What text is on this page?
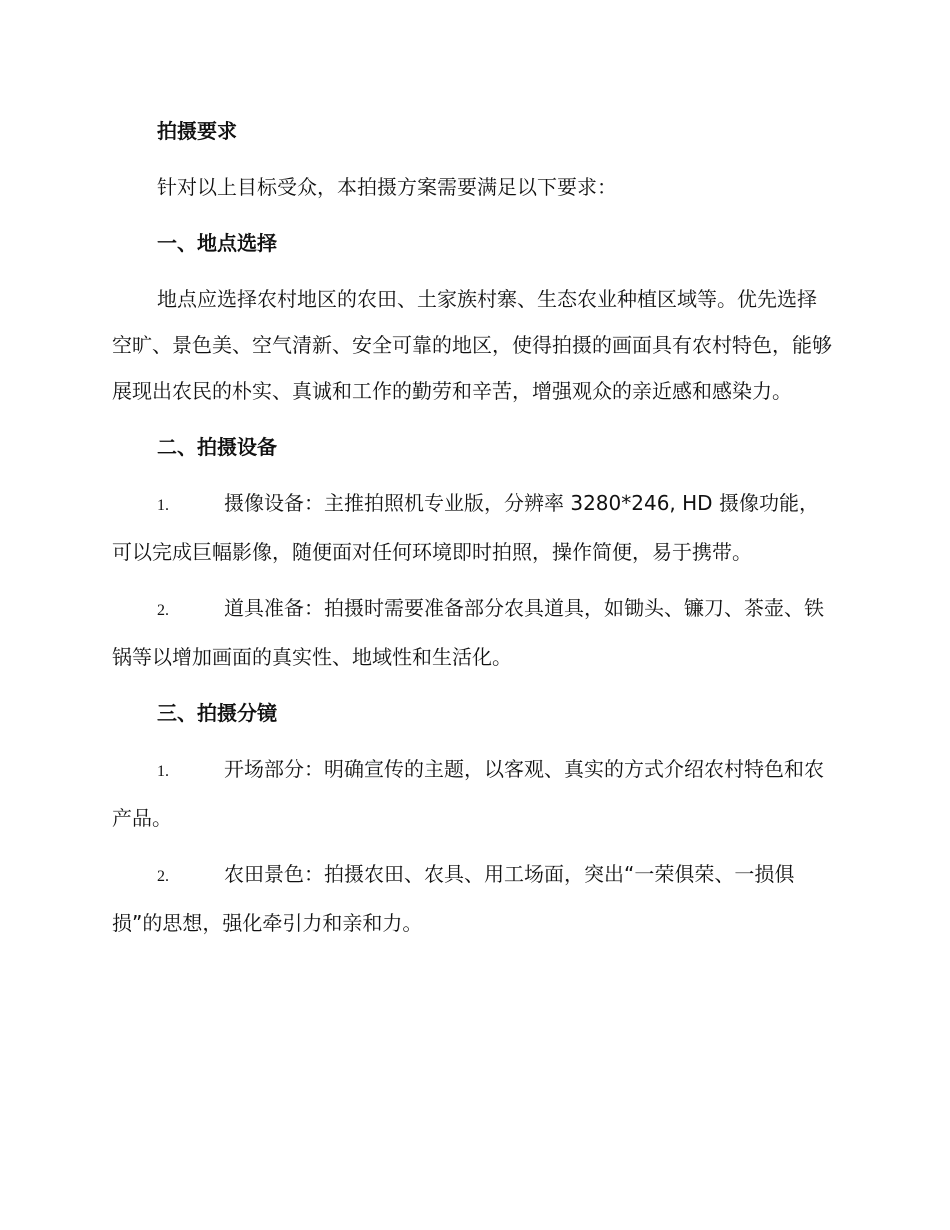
拍摄要求
针对以上目标受众，本拍摄方案需要满足以下要求：
一、地点选择
地点应选择农村地区的农田、土家族村寨、生态农业种植区域等。优先选择空旷、景色美、空气清新、安全可靠的地区，使得拍摄的画面具有农村特色，能够展现出农民的朴实、真诚和工作的勤劳和辛苦，增强观众的亲近感和感染力。
二、拍摄设备
1.	摄像设备：主推拍照机专业版，分辨率 3280*246, HD 摄像功能，可以完成巨幅影像，随便面对任何环境即时拍照，操作简便，易于携带。
2.	道具准备：拍摄时需要准备部分农具道具，如锄头、镰刀、茶壶、铁锅等以增加画面的真实性、地域性和生活化。
三、拍摄分镜
1.	开场部分：明确宣传的主题，以客观、真实的方式介绍农村特色和农产品。
2.	农田景色：拍摄农田、农具、用工场面，突出“一荣俱荣、一损俱损”的思想，强化牵引力和亲和力。
